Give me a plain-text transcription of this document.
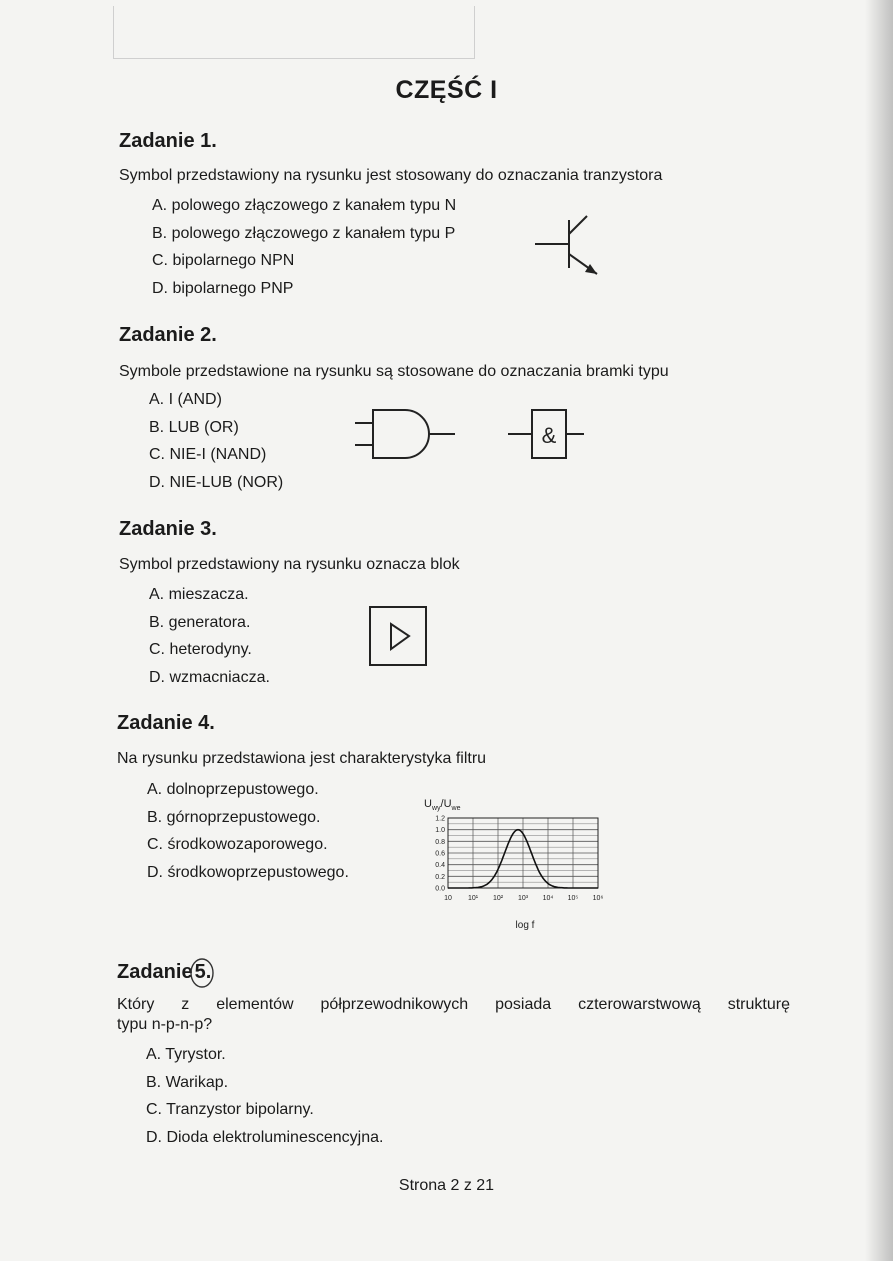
CZĘŚĆ I
Zadanie 1.
Symbol przedstawiony na rysunku jest stosowany do oznaczania tranzystora
A. polowego złączowego z kanałem typu N
B. polowego złączowego z kanałem typu P
C. bipolarnego NPN
D. bipolarnego PNP
Zadanie 2.
Symbole przedstawione na rysunku są stosowane do oznaczania bramki typu
A. I (AND)
B. LUB (OR)
C. NIE-I (NAND)
D. NIE-LUB (NOR)
&
Zadanie 3.
Symbol przedstawiony na rysunku oznacza blok
A. mieszacza.
B. generatora.
C. heterodyny.
D. wzmacniacza.
Zadanie 4.
Na rysunku przedstawiona jest charakterystyka filtru
A. dolnoprzepustowego.
B. górnoprzepustowego.
C. środkowozaporowego.
D. środkowoprzepustowego.
$U_{wy}/U_{we}$
1.2
1.0
0.8
0.6
0.4
0.2
0.0
10 10¹ 10² 10³ 10⁴ 10⁵ 10⁶
log f
Zadanie 5.
Który z elementów półprzewodnikowych posiada czterowarstwową strukturę
typu n-p-n-p?
A. Tyrystor.
B. Warikap.
C. Tranzystor bipolarny.
D. Dioda elektroluminescencyjna.
Strona 2 z 21
